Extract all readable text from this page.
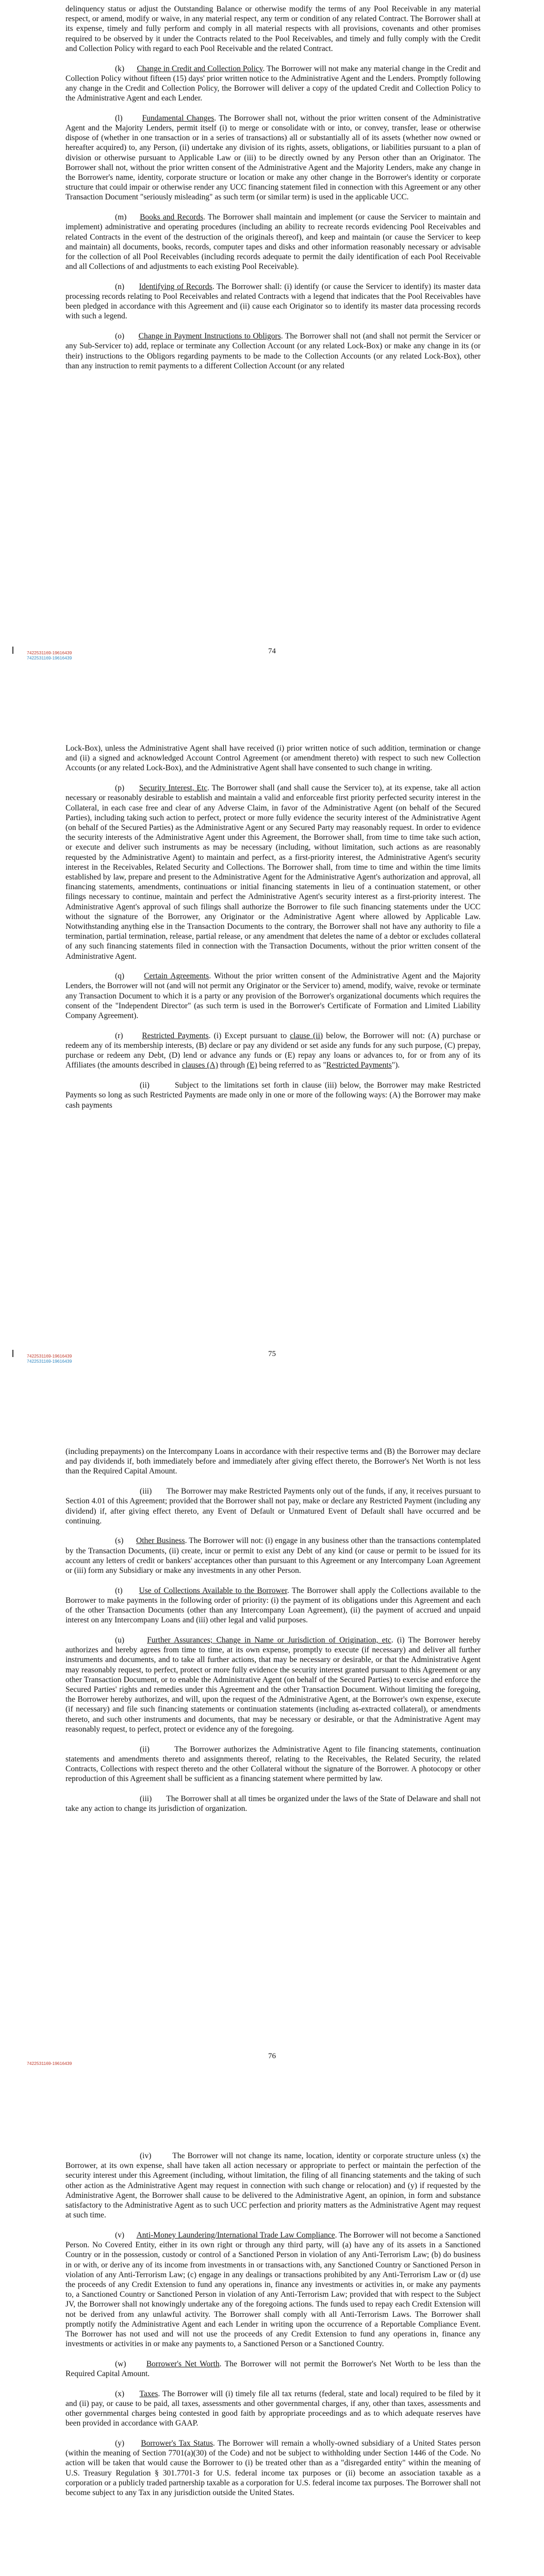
delinquency status or adjust the Outstanding Balance or otherwise modify the terms of any Pool Receivable in any material respect, or amend, modify or waive, in any material respect, any term or condition of any related Contract. The Borrower shall at its expense, timely and fully perform and comply in all material respects with all provisions, covenants and other promises required to be observed by it under the Contracts related to the Pool Receivables, and timely and fully comply with the Credit and Collection Policy with regard to each Pool Receivable and the related Contract.

(k) Change in Credit and Collection Policy. The Borrower will not make any material change in the Credit and Collection Policy without fifteen (15) days' prior written notice to the Administrative Agent and the Lenders. Promptly following any change in the Credit and Collection Policy, the Borrower will deliver a copy of the updated Credit and Collection Policy to the Administrative Agent and each Lender.

(l) Fundamental Changes. The Borrower shall not, without the prior written consent of the Administrative Agent and the Majority Lenders, permit itself (i) to merge or consolidate with or into, or convey, transfer, lease or otherwise dispose of (whether in one transaction or in a series of transactions) all or substantially all of its assets (whether now owned or hereafter acquired) to, any Person, (ii) undertake any division of its rights, assets, obligations, or liabilities pursuant to a plan of division or otherwise pursuant to Applicable Law or (iii) to be directly owned by any Person other than an Originator. The Borrower shall not, without the prior written consent of the Administrative Agent and the Majority Lenders, make any change in the Borrower's name, identity, corporate structure or location or make any other change in the Borrower's identity or corporate structure that could impair or otherwise render any UCC financing statement filed in connection with this Agreement or any other Transaction Document "seriously misleading" as such term (or similar term) is used in the applicable UCC.

(m) Books and Records. The Borrower shall maintain and implement (or cause the Servicer to maintain and implement) administrative and operating procedures (including an ability to recreate records evidencing Pool Receivables and related Contracts in the event of the destruction of the originals thereof), and keep and maintain (or cause the Servicer to keep and maintain) all documents, books, records, computer tapes and disks and other information reasonably necessary or advisable for the collection of all Pool Receivables (including records adequate to permit the daily identification of each Pool Receivable and all Collections of and adjustments to each existing Pool Receivable).

(n) Identifying of Records. The Borrower shall: (i) identify (or cause the Servicer to identify) its master data processing records relating to Pool Receivables and related Contracts with a legend that indicates that the Pool Receivables have been pledged in accordance with this Agreement and (ii) cause each Originator so to identify its master data processing records with such a legend.

(o) Change in Payment Instructions to Obligors. The Borrower shall not (and shall not permit the Servicer or any Sub-Servicer to) add, replace or terminate any Collection Account (or any related Lock-Box) or make any change in its (or their) instructions to the Obligors regarding payments to be made to the Collection Accounts (or any related Lock-Box), other than any instruction to remit payments to a different Collection Account (or any related

74
7422531169-19616439
7422531169-19616439

Lock-Box), unless the Administrative Agent shall have received (i) prior written notice of such addition, termination or change and (ii) a signed and acknowledged Account Control Agreement (or amendment thereto) with respect to such new Collection Accounts (or any related Lock-Box), and the Administrative Agent shall have consented to such change in writing.

(p) Security Interest, Etc. The Borrower shall (and shall cause the Servicer to), at its expense, take all action necessary or reasonably desirable to establish and maintain a valid and enforceable first priority perfected security interest in the Collateral, in each case free and clear of any Adverse Claim, in favor of the Administrative Agent (on behalf of the Secured Parties), including taking such action to perfect, protect or more fully evidence the security interest of the Administrative Agent (on behalf of the Secured Parties) as the Administrative Agent or any Secured Party may reasonably request. In order to evidence the security interests of the Administrative Agent under this Agreement, the Borrower shall, from time to time take such action, or execute and deliver such instruments as may be necessary (including, without limitation, such actions as are reasonably requested by the Administrative Agent) to maintain and perfect, as a first-priority interest, the Administrative Agent's security interest in the Receivables, Related Security and Collections. The Borrower shall, from time to time and within the time limits established by law, prepare and present to the Administrative Agent for the Administrative Agent's authorization and approval, all financing statements, amendments, continuations or initial financing statements in lieu of a continuation statement, or other filings necessary to continue, maintain and perfect the Administrative Agent's security interest as a first-priority interest. The Administrative Agent's approval of such filings shall authorize the Borrower to file such financing statements under the UCC without the signature of the Borrower, any Originator or the Administrative Agent where allowed by Applicable Law. Notwithstanding anything else in the Transaction Documents to the contrary, the Borrower shall not have any authority to file a termination, partial termination, release, partial release, or any amendment that deletes the name of a debtor or excludes collateral of any such financing statements filed in connection with the Transaction Documents, without the prior written consent of the Administrative Agent.

(q) Certain Agreements. Without the prior written consent of the Administrative Agent and the Majority Lenders, the Borrower will not (and will not permit any Originator or the Servicer to) amend, modify, waive, revoke or terminate any Transaction Document to which it is a party or any provision of the Borrower's organizational documents which requires the consent of the "Independent Director" (as such term is used in the Borrower's Certificate of Formation and Limited Liability Company Agreement).

(r) Restricted Payments. (i) Except pursuant to clause (ii) below, the Borrower will not: (A) purchase or redeem any of its membership interests, (B) declare or pay any dividend or set aside any funds for any such purpose, (C) prepay, purchase or redeem any Debt, (D) lend or advance any funds or (E) repay any loans or advances to, for or from any of its Affiliates (the amounts described in clauses (A) through (E) being referred to as "Restricted Payments").

(ii)	Subject to the limitations set forth in clause (iii) below, the Borrower may make Restricted Payments so long as such Restricted Payments are made only in one or more of the following ways: (A) the Borrower may make cash payments

75
7422531169-19616439
7422531169-19616439

(including prepayments) on the Intercompany Loans in accordance with their respective terms and (B) the Borrower may declare and pay dividends if, both immediately before and immediately after giving effect thereto, the Borrower's Net Worth is not less than the Required Capital Amount.

(iii) The Borrower may make Restricted Payments only out of the funds, if any, it receives pursuant to Section 4.01 of this Agreement; provided that the Borrower shall not pay, make or declare any Restricted Payment (including any dividend) if, after giving effect thereto, any Event of Default or Unmatured Event of Default shall have occurred and be continuing.

(s) Other Business. The Borrower will not: (i) engage in any business other than the transactions contemplated by the Transaction Documents, (ii) create, incur or permit to exist any Debt of any kind (or cause or permit to be issued for its account any letters of credit or bankers' acceptances other than pursuant to this Agreement or any Intercompany Loan Agreement or (iii) form any Subsidiary or make any investments in any other Person.

(t) Use of Collections Available to the Borrower. The Borrower shall apply the Collections available to the Borrower to make payments in the following order of priority: (i) the payment of its obligations under this Agreement and each of the other Transaction Documents (other than any Intercompany Loan Agreement), (ii) the payment of accrued and unpaid interest on any Intercompany Loans and (iii) other legal and valid purposes.

(u)	Further Assurances; Change in Name or Jurisdiction of Origination, etc. (i) The Borrower hereby authorizes and hereby agrees from time to time, at its own expense, promptly to execute (if necessary) and deliver all further instruments and documents, and to take all further actions, that may be necessary or desirable, or that the Administrative Agent may reasonably request, to perfect, protect or more fully evidence the security interest granted pursuant to this Agreement or any other Transaction Document, or to enable the Administrative Agent (on behalf of the Secured Parties) to exercise and enforce the Secured Parties' rights and remedies under this Agreement and the other Transaction Document. Without limiting the foregoing, the Borrower hereby authorizes, and will, upon the request of the Administrative Agent, at the Borrower's own expense, execute (if necessary) and file such financing statements or continuation statements (including as-extracted collateral), or amendments thereto, and such other instruments and documents, that may be necessary or desirable, or that the Administrative Agent may reasonably request, to perfect, protect or evidence any of the foregoing.

(ii)	The Borrower authorizes the Administrative Agent to file financing statements, continuation statements and amendments thereto and assignments thereof, relating to the Receivables, the Related Security, the related Contracts, Collections with respect thereto and the other Collateral without the signature of the Borrower. A photocopy or other reproduction of this Agreement shall be sufficient as a financing statement where permitted by law.

(iii) The Borrower shall at all times be organized under the laws of the State of Delaware and shall not take any action to change its jurisdiction of organization.

76
7422531169-19616439

(iv)	The Borrower will not change its name, location, identity or corporate structure unless (x) the Borrower, at its own expense, shall have taken all action necessary or appropriate to perfect or maintain the perfection of the security interest under this Agreement (including, without limitation, the filing of all financing statements and the taking of such other action as the Administrative Agent may request in connection with such change or relocation) and (y) if requested by the Administrative Agent, the Borrower shall cause to be delivered to the Administrative Agent, an opinion, in form and substance satisfactory to the Administrative Agent as to such UCC perfection and priority matters as the Administrative Agent may request at such time.

(v) Anti-Money Laundering/International Trade Law Compliance. The Borrower will not become a Sanctioned Person. No Covered Entity, either in its own right or through any third party, will (a) have any of its assets in a Sanctioned Country or in the possession, custody or control of a Sanctioned Person in violation of any Anti-Terrorism Law; (b) do business in or with, or derive any of its income from investments in or transactions with, any Sanctioned Country or Sanctioned Person in violation of any Anti-Terrorism Law; (c) engage in any dealings or transactions prohibited by any Anti-Terrorism Law or (d) use the proceeds of any Credit Extension to fund any operations in, finance any investments or activities in, or make any payments to, a Sanctioned Country or Sanctioned Person in violation of any Anti-Terrorism Law; provided that with respect to the Subject JV, the Borrower shall not knowingly undertake any of the foregoing actions. The funds used to repay each Credit Extension will not be derived from any unlawful activity. The Borrower shall comply with all Anti-Terrorism Laws. The Borrower shall promptly notify the Administrative Agent and each Lender in writing upon the occurrence of a Reportable Compliance Event. The Borrower has not used and will not use the proceeds of any Credit Extension to fund any operations in, finance any investments or activities in or make any payments to, a Sanctioned Person or a Sanctioned Country.

(w)	Borrower's Net Worth. The Borrower will not permit the Borrower's Net Worth to be less than the Required Capital Amount.

(x) Taxes. The Borrower will (i) timely file all tax returns (federal, state and local) required to be filed by it and (ii) pay, or cause to be paid, all taxes, assessments and other governmental charges, if any, other than taxes, assessments and other governmental charges being contested in good faith by appropriate proceedings and as to which adequate reserves have been provided in accordance with GAAP.

(y) Borrower's Tax Status. The Borrower will remain a wholly-owned subsidiary of a United States person (within the meaning of Section 7701(a)(30) of the Code) and not be subject to withholding under Section 1446 of the Code. No action will be taken that would cause the Borrower to (i) be treated other than as a "disregarded entity" within the meaning of U.S. Treasury Regulation § 301.7701-3 for U.S. federal income tax purposes or (ii) become an association taxable as a corporation or a publicly traded partnership taxable as a corporation for U.S. federal income tax purposes. The Borrower shall not become subject to any Tax in any jurisdiction outside the United States.
